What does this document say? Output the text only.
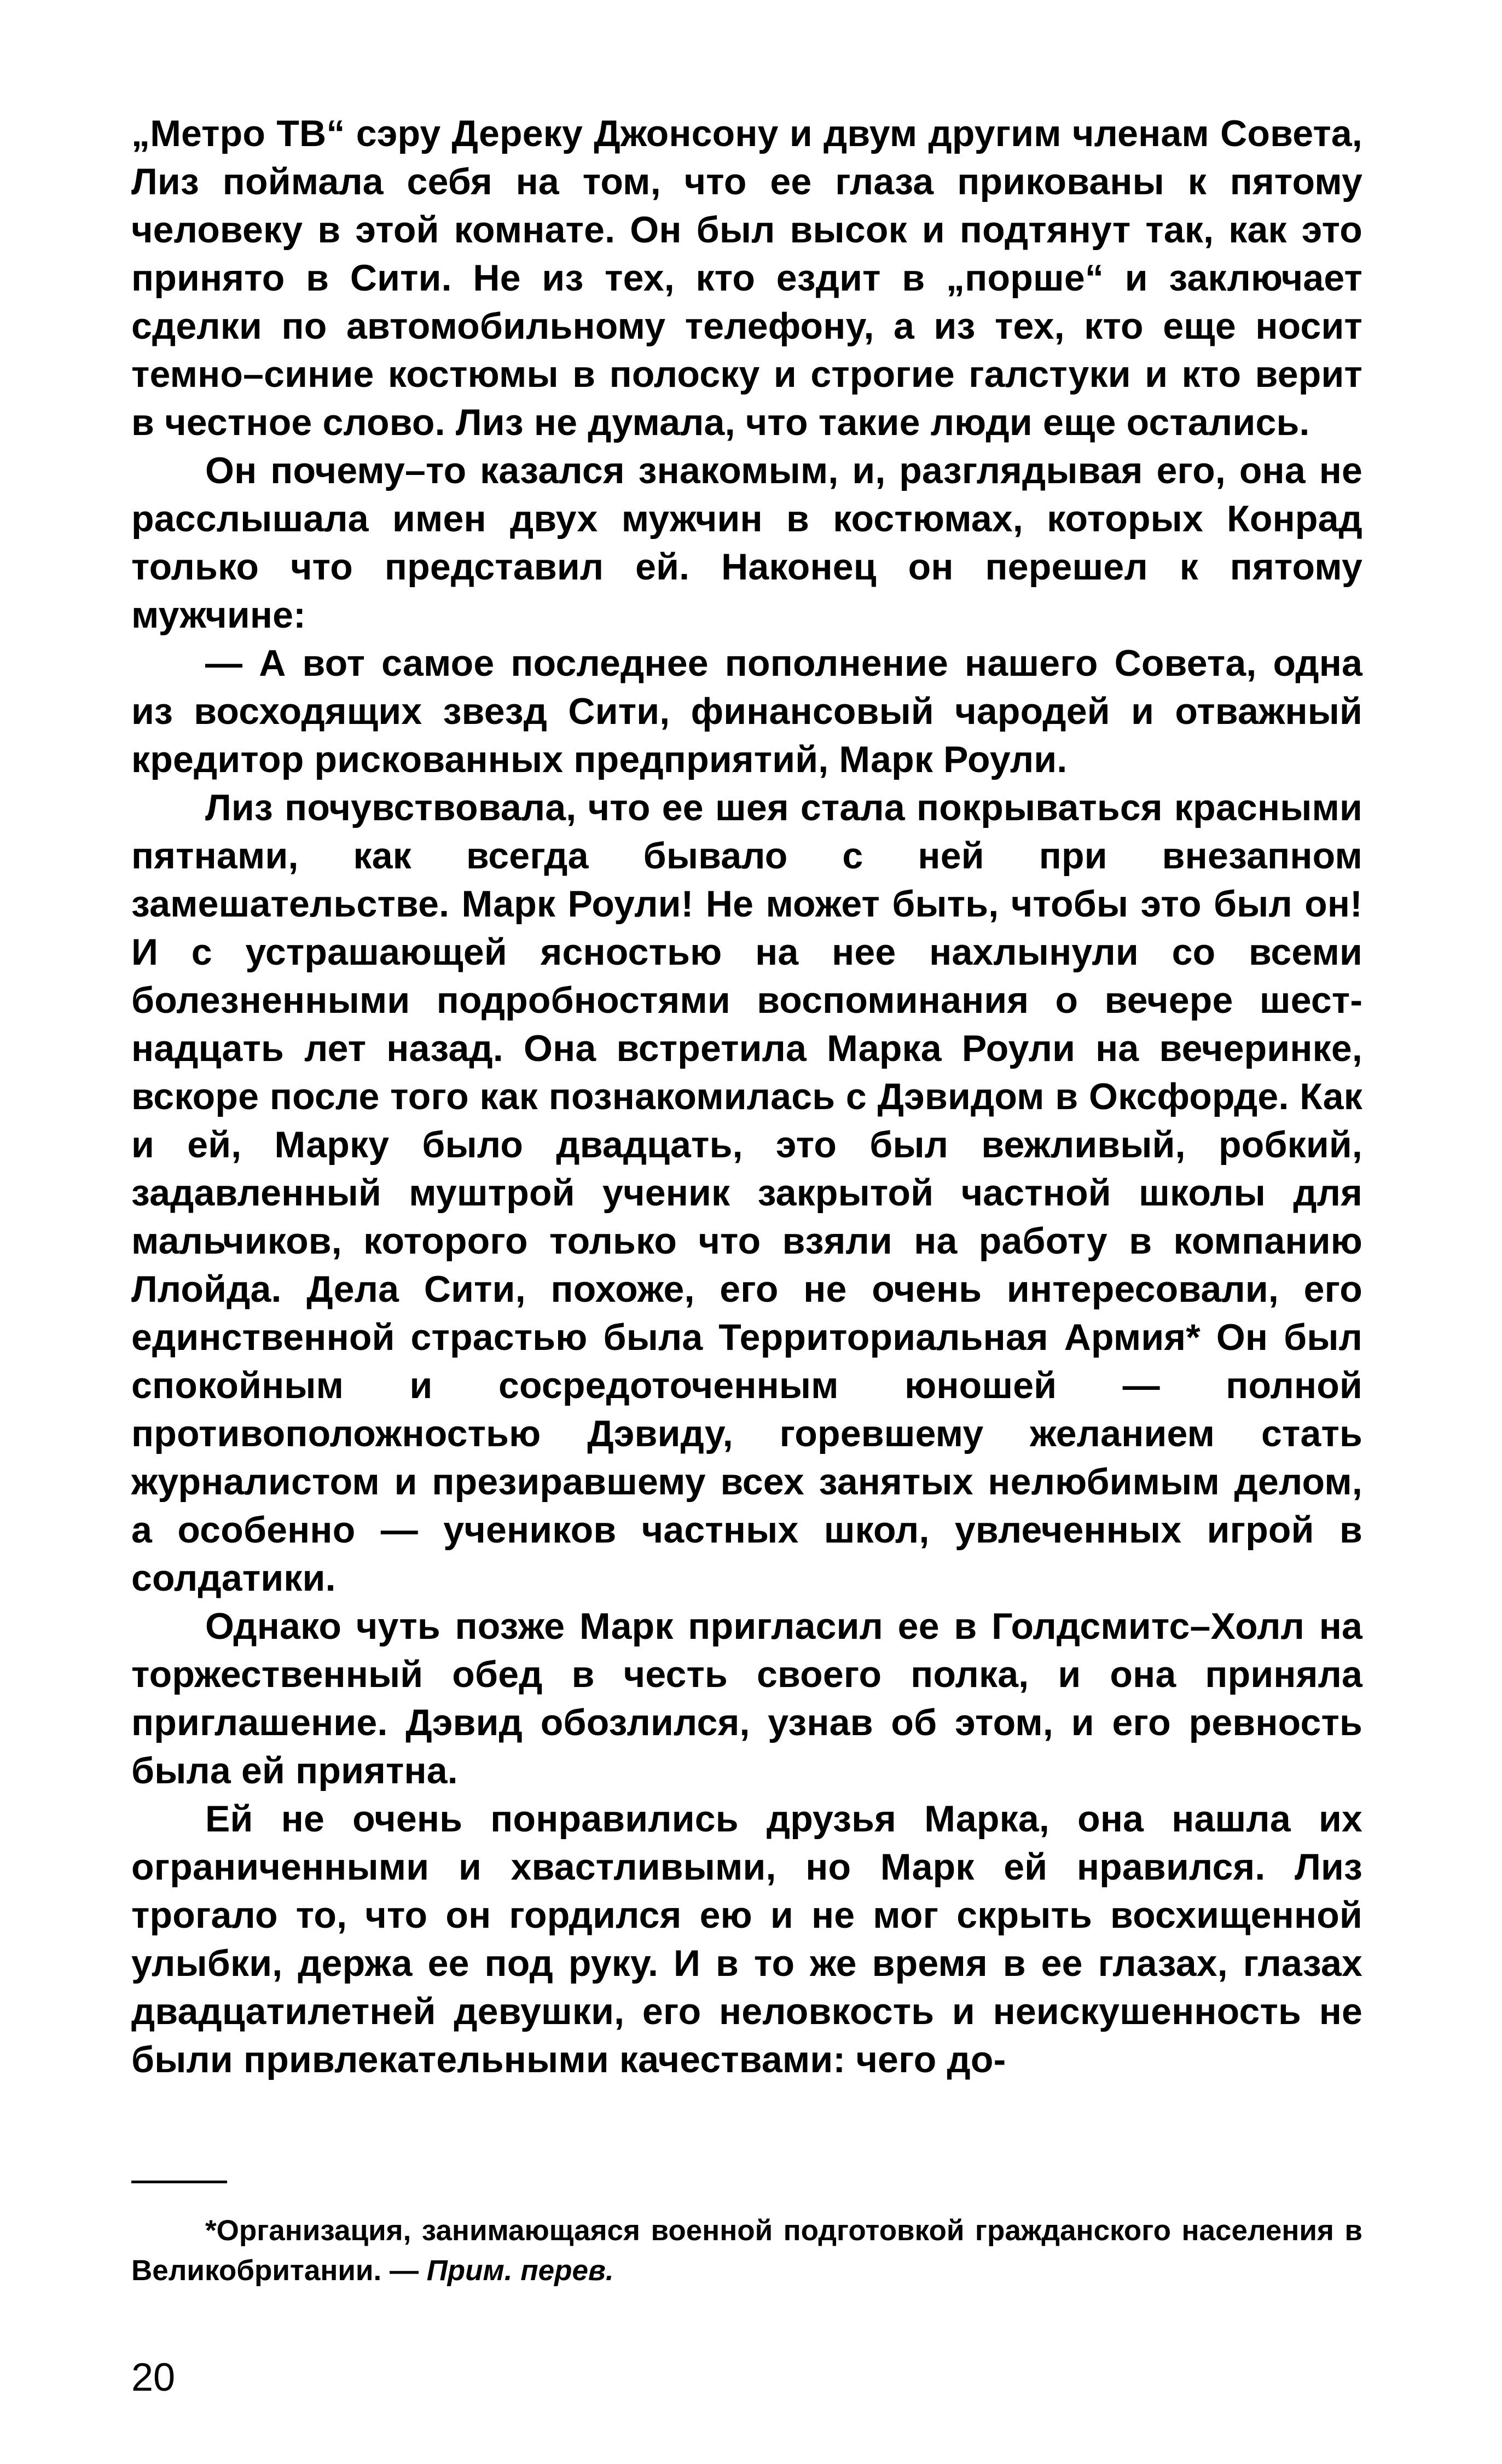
„Метро ТВ“ сэру Дереку Джонсону и двум другим членам Совета, Лиз поймала себя на том, что ее глаза прикованы к пятому человеку в этой комнате. Он был высок и подтянут так, как это принято в Сити. Не из тех, кто ездит в „порше“ и заключает сделки по автомобильному телефону, а из тех, кто еще носит темно–синие костюмы в полоску и строгие галстуки и кто верит в честное слово. Лиз не думала, что такие люди еще остались.

Он почему–то казался знакомым, и, разглядывая его, она не расслышала имен двух мужчин в костюмах, которых Конрад только что представил ей. Наконец он перешел к пятому мужчине:

— А вот самое последнее пополнение нашего Совета, одна из восходящих звезд Сити, финансовый чародей и отважный кредитор рискованных предприятий, Марк Роули.

Лиз почувствовала, что ее шея стала покрываться красными пятнами, как всегда бывало с ней при внезапном замешательстве. Марк Роули! Не может быть, чтобы это был он! И с устрашающей ясностью на нее нахлынули со всеми болезненными подробностями воспоминания о вечере шестнадцать лет назад. Она встретила Марка Роули на вечеринке, вскоре после того как познакомилась с Дэвидом в Оксфорде. Как и ей, Марку было двадцать, это был вежливый, робкий, задавленный муштрой ученик закрытой частной школы для мальчиков, которого только что взяли на работу в компанию Ллойда. Дела Сити, похоже, его не очень интересовали, его единственной страстью была Территориальная Армия* Он был спокойным и сосредоточенным юношей — полной противоположностью Дэвиду, горевшему желанием стать журналистом и презиравшему всех занятых нелюбимым делом, а особенно — учеников частных школ, увлеченных игрой в солдатики.

Однако чуть позже Марк пригласил ее в Голдсмитс–Холл на торжественный обед в честь своего полка, и она приняла приглашение. Дэвид обозлился, узнав об этом, и его ревность была ей приятна.

Ей не очень понравились друзья Марка, она нашла их ограниченными и хвастливыми, но Марк ей нравился. Лиз трогало то, что он гордился ею и не мог скрыть восхищенной улыбки, держа ее под руку. И в то же время в ее глазах, глазах двадцатилетней девушки, его неловкость и неискушенность не были привлекательными качествами: чего до-

*Организация, занимающаяся военной подготовкой гражданского населения в Великобритании. — Прим. перев.
20
